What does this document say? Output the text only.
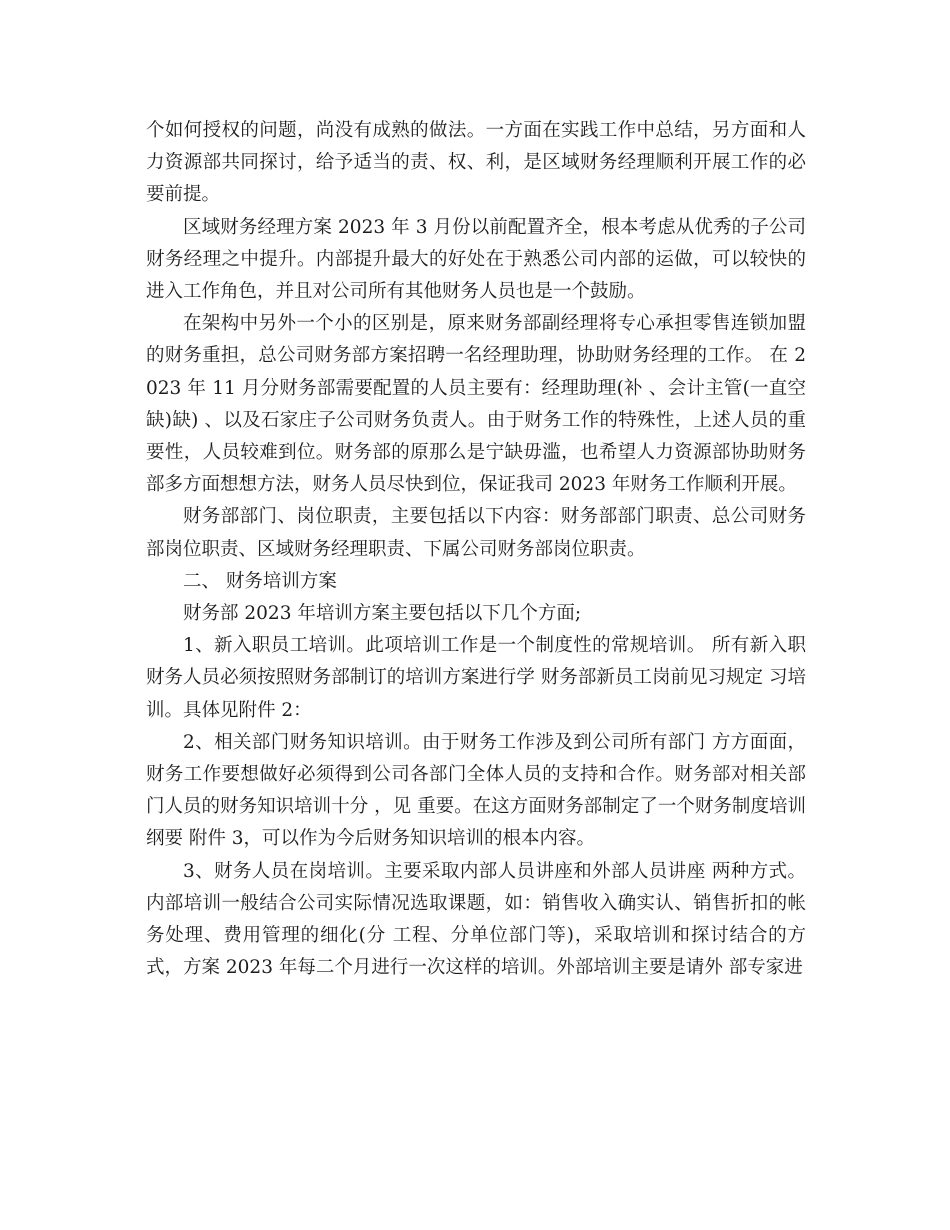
个如何授权的问题，尚没有成熟的做法。一方面在实践工作中总结，另方面和人力资源部共同探讨，给予适当的责、权、利，是区域财务经理顺利开展工作的必要前提。

区域财务经理方案 2023 年 3 月份以前配置齐全，根本考虑从优秀的子公司财务经理之中提升。内部提升最大的好处在于熟悉公司内部的运做，可以较快的进入工作角色，并且对公司所有其他财务人员也是一个鼓励。

在架构中另外一个小的区别是，原来财务部副经理将专心承担零售连锁加盟的财务重担，总公司财务部方案招聘一名经理助理，协助财务经理的工作。 在 2023 年 11 月分财务部需要配置的人员主要有：经理助理(补 、会计主管(一直空缺)缺) 、以及石家庄子公司财务负责人。由于财务工作的特殊性，上述人员的重要性，人员较难到位。财务部的原那么是宁缺毋滥，也希望人力资源部协助财务部多方面想想方法，财务人员尽快到位，保证我司 2023 年财务工作顺利开展。

财务部部门、岗位职责，主要包括以下内容：财务部部门职责、总公司财务部岗位职责、区域财务经理职责、下属公司财务部岗位职责。

二、 财务培训方案

财务部 2023 年培训方案主要包括以下几个方面;

1、新入职员工培训。此项培训工作是一个制度性的常规培训。 所有新入职财务人员必须按照财务部制订的培训方案进行学 财务部新员工岗前见习规定 习培训。具体见附件 2：

2、相关部门财务知识培训。由于财务工作涉及到公司所有部门 方方面面，财务工作要想做好必须得到公司各部门全体人员的支持和合作。财务部对相关部门人员的财务知识培训十分 ，见 重要。在这方面财务部制定了一个财务制度培训纲要 附件 3，可以作为今后财务知识培训的根本内容。

3、财务人员在岗培训。主要采取内部人员讲座和外部人员讲座 两种方式。内部培训一般结合公司实际情况选取课题，如：销售收入确实认、销售折扣的帐务处理、费用管理的细化(分 工程、分单位部门等)，采取培训和探讨结合的方式，方案 2023 年每二个月进行一次这样的培训。外部培训主要是请外 部专家进
